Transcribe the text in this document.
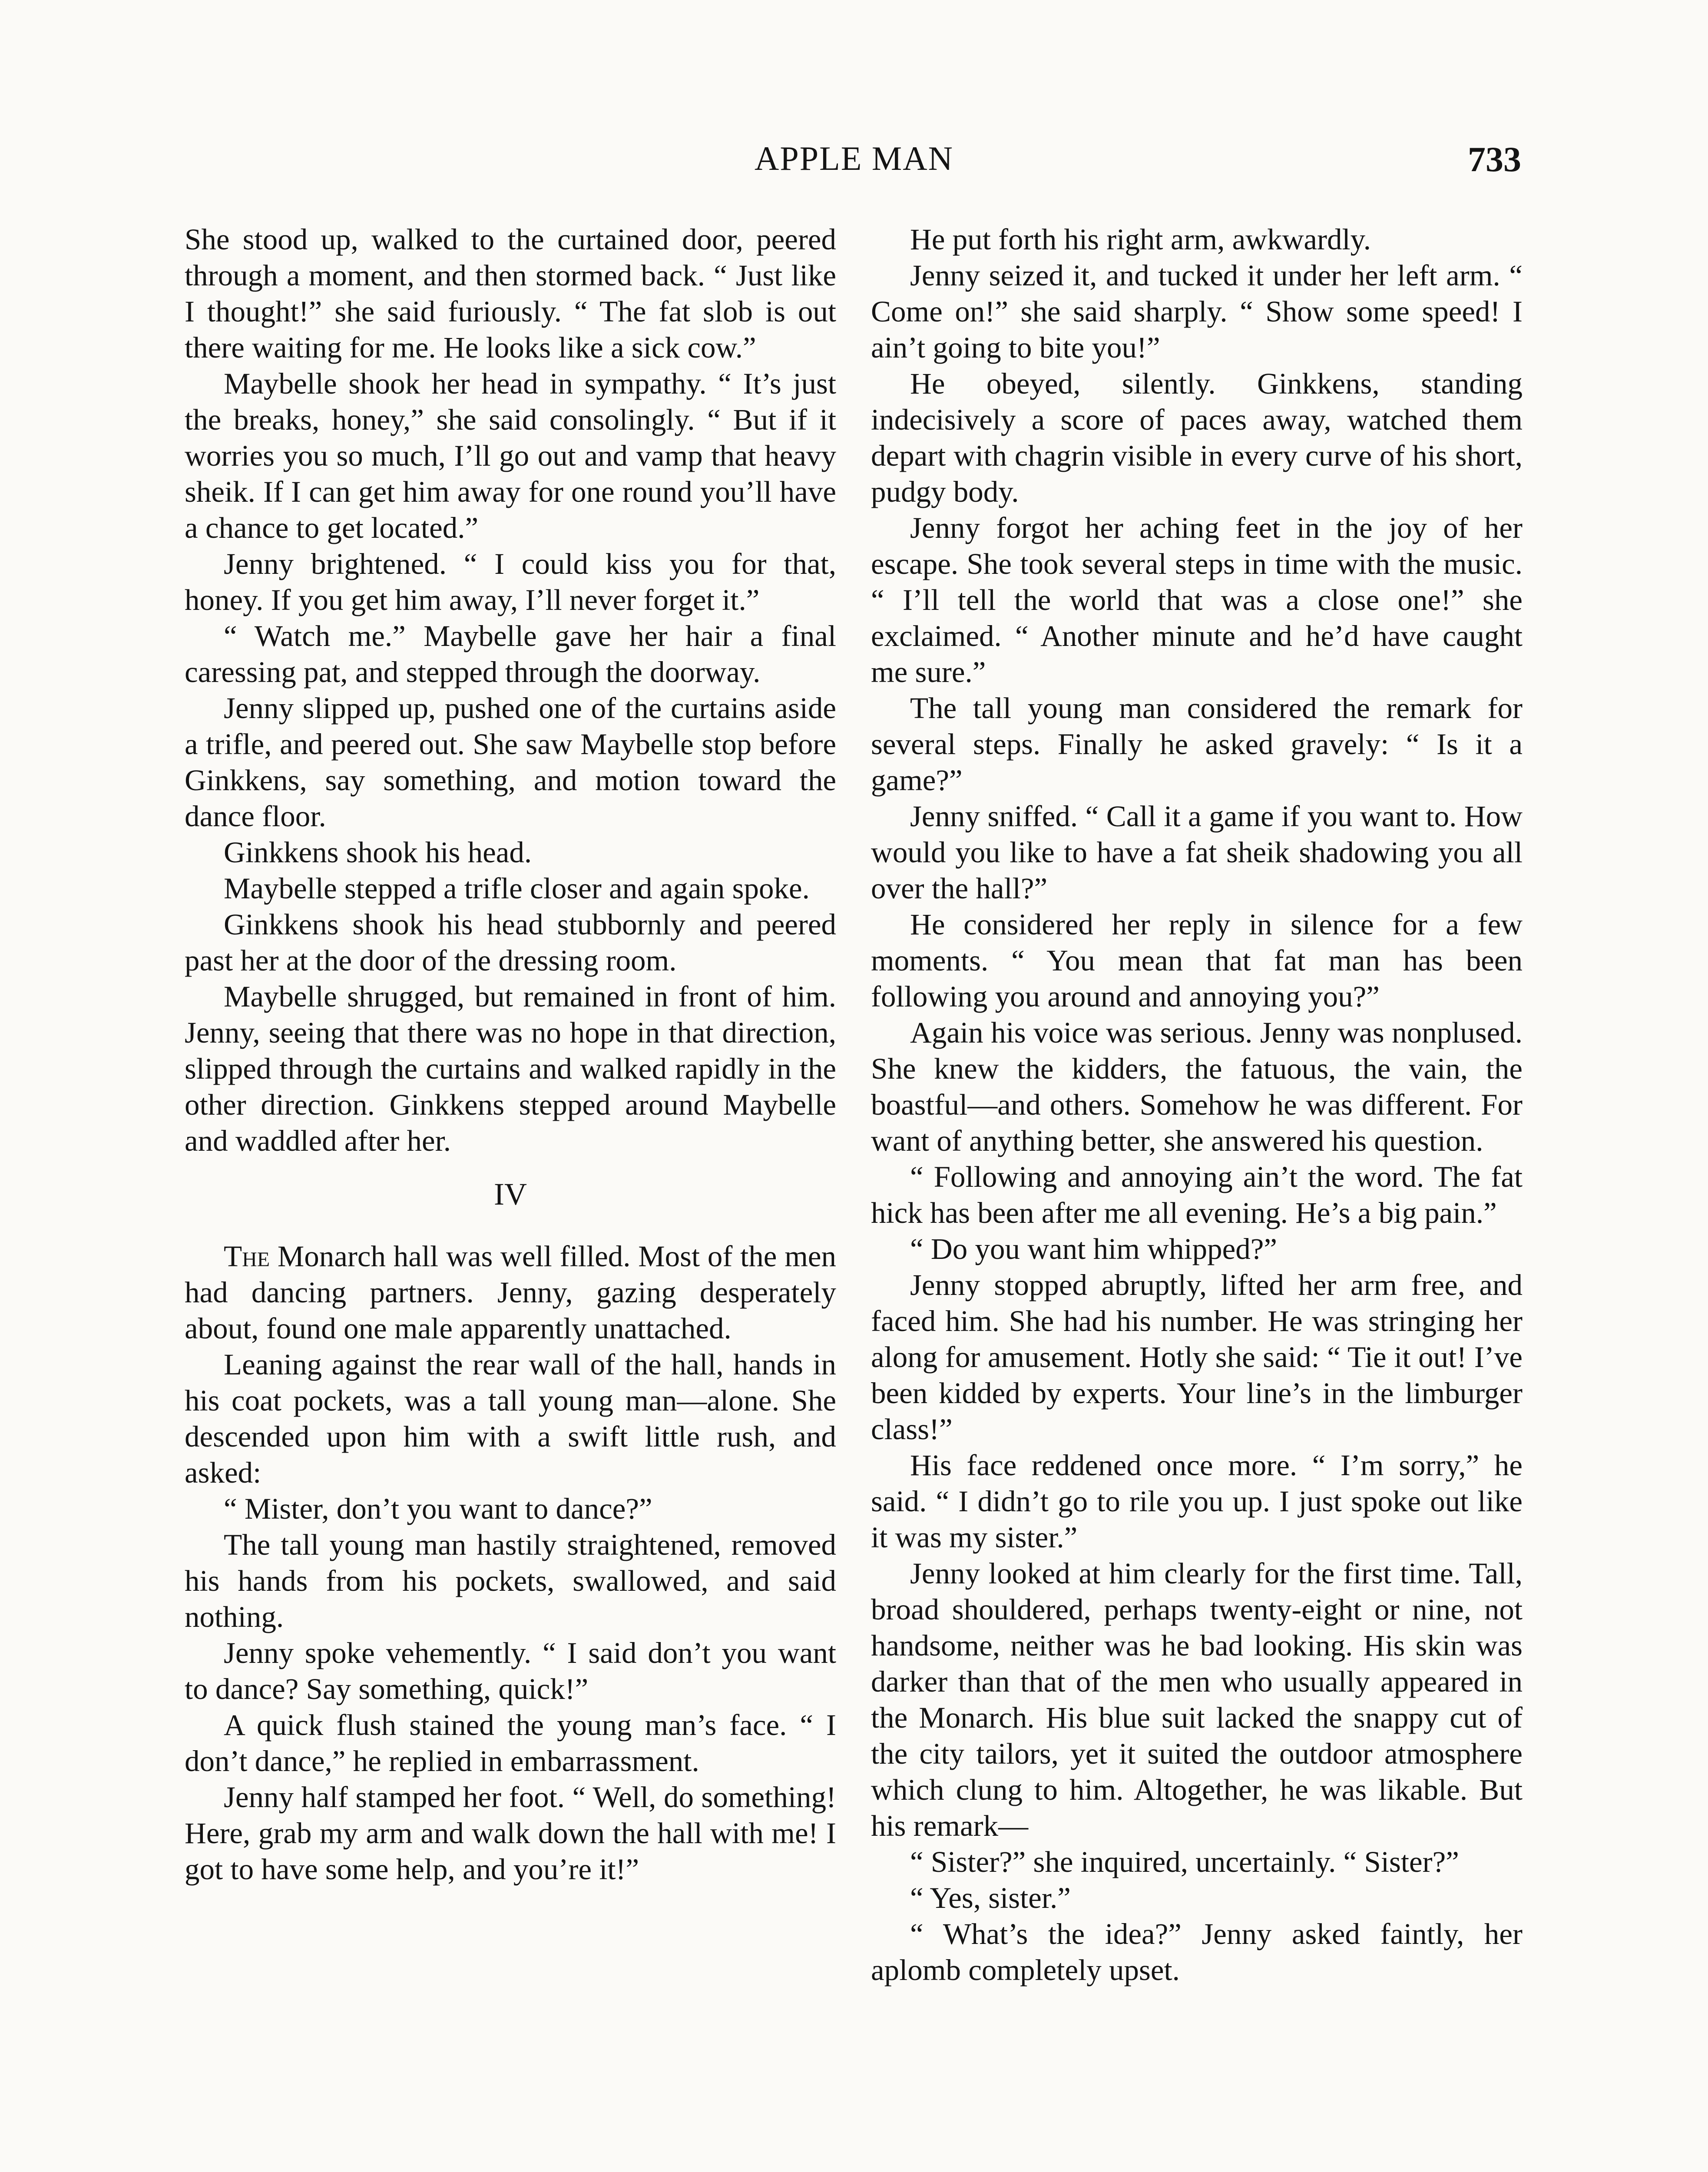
APPLE MAN	733

She stood up, walked to the curtained door, peered through a moment, and then stormed back. “ Just like I thought!” she said furiously. “ The fat slob is out there waiting for me. He looks like a sick cow.”

Maybelle shook her head in sympathy. “ It’s just the breaks, honey,” she said consolingly. “ But if it worries you so much, I’ll go out and vamp that heavy sheik. If I can get him away for one round you’ll have a chance to get located.”

Jenny brightened. “ I could kiss you for that, honey. If you get him away, I’ll never forget it.”

“ Watch me.” Maybelle gave her hair a final caressing pat, and stepped through the doorway.

Jenny slipped up, pushed one of the curtains aside a trifle, and peered out. She saw Maybelle stop before Ginkkens, say something, and motion toward the dance floor.

Ginkkens shook his head.

Maybelle stepped a trifle closer and again spoke.

Ginkkens shook his head stubbornly and peered past her at the door of the dressing room.

Maybelle shrugged, but remained in front of him. Jenny, seeing that there was no hope in that direction, slipped through the curtains and walked rapidly in the other direction. Ginkkens stepped around Maybelle and waddled after her.

IV

The Monarch hall was well filled. Most of the men had dancing partners. Jenny, gazing desperately about, found one male apparently unattached.

Leaning against the rear wall of the hall, hands in his coat pockets, was a tall young man—alone. She descended upon him with a swift little rush, and asked:

“ Mister, don’t you want to dance?”

The tall young man hastily straightened, removed his hands from his pockets, swallowed, and said nothing.

Jenny spoke vehemently. “ I said don’t you want to dance? Say something, quick!”

A quick flush stained the young man’s face. “ I don’t dance,” he replied in embarrassment.

Jenny half stamped her foot. “ Well, do something! Here, grab my arm and walk down the hall with me! I got to have some help, and you’re it!”

He put forth his right arm, awkwardly.

Jenny seized it, and tucked it under her left arm. “ Come on!” she said sharply. “ Show some speed! I ain’t going to bite you!”

He obeyed, silently. Ginkkens, standing indecisively a score of paces away, watched them depart with chagrin visible in every curve of his short, pudgy body.

Jenny forgot her aching feet in the joy of her escape. She took several steps in time with the music. “ I’ll tell the world that was a close one!” she exclaimed. “ Another minute and he’d have caught me sure.”

The tall young man considered the remark for several steps. Finally he asked gravely: “ Is it a game?”

Jenny sniffed. “ Call it a game if you want to. How would you like to have a fat sheik shadowing you all over the hall?”

He considered her reply in silence for a few moments. “ You mean that fat man has been following you around and annoying you?”

Again his voice was serious. Jenny was nonplused. She knew the kidders, the fatuous, the vain, the boastful—and others. Somehow he was different. For want of anything better, she answered his question.

“ Following and annoying ain’t the word. The fat hick has been after me all evening. He’s a big pain.”

“ Do you want him whipped?”

Jenny stopped abruptly, lifted her arm free, and faced him. She had his number. He was stringing her along for amusement. Hotly she said: “ Tie it out! I’ve been kidded by experts. Your line’s in the limburger class!”

His face reddened once more. “ I’m sorry,” he said. “ I didn’t go to rile you up. I just spoke out like it was my sister.”

Jenny looked at him clearly for the first time. Tall, broad shouldered, perhaps twenty-eight or nine, not handsome, neither was he bad looking. His skin was darker than that of the men who usually appeared in the Monarch. His blue suit lacked the snappy cut of the city tailors, yet it suited the outdoor atmosphere which clung to him. Altogether, he was likable. But his remark—

“ Sister?” she inquired, uncertainly. “ Sister?”

“ Yes, sister.”

“ What’s the idea?” Jenny asked faintly, her aplomb completely upset.
